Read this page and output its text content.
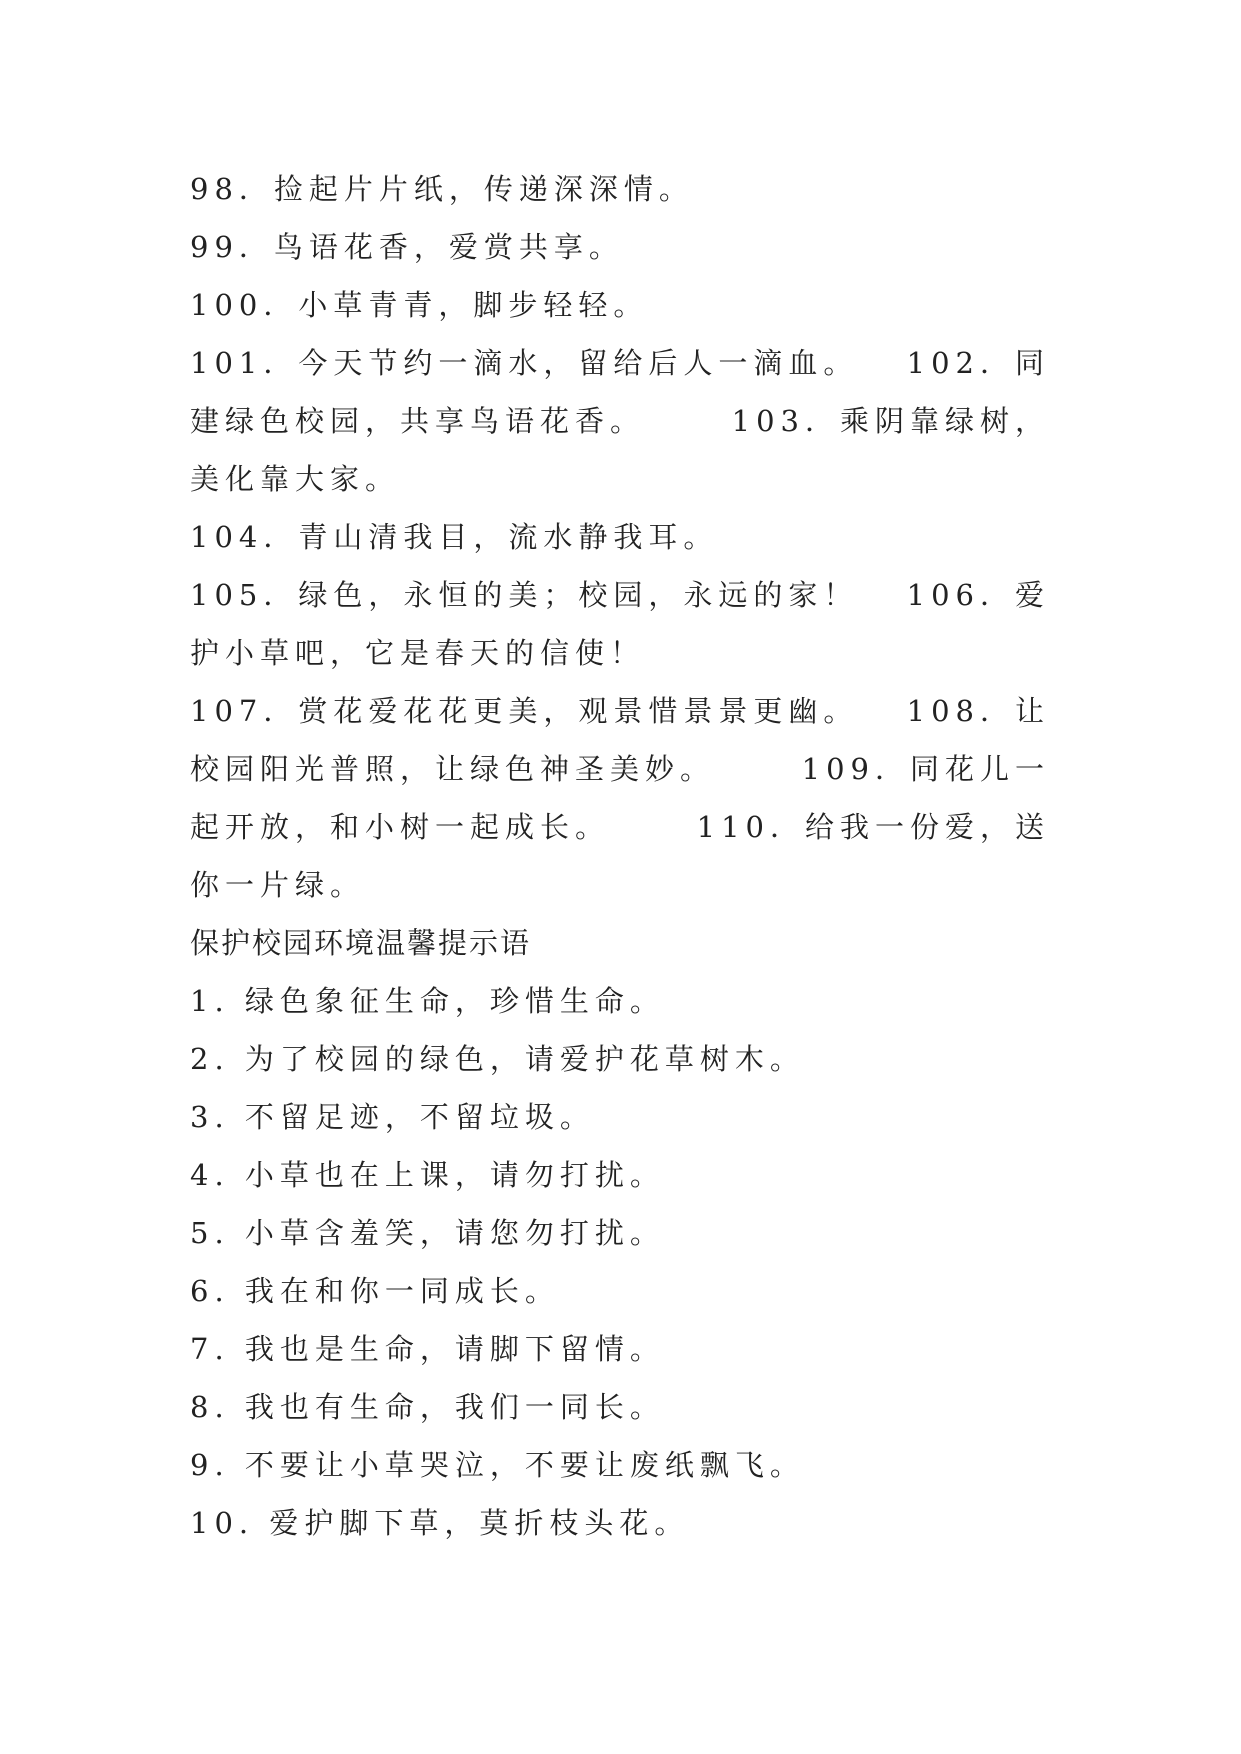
98．捡起片片纸，传递深深情。
99．鸟语花香，爱赏共享。
100．小草青青，脚步轻轻。
101．今天节约一滴水，留给后人一滴血。 102．同
建绿色校园，共享鸟语花香。	103．乘阴靠绿树，
美化靠大家。
104．青山清我目，流水静我耳。
105．绿色，永恒的美；校园，永远的家！ 106．爱
护小草吧，它是春天的信使！
107．赏花爱花花更美，观景惜景景更幽。 108．让
校园阳光普照，让绿色神圣美妙。	109．同花儿一
起开放，和小树一起成长。	110．给我一份爱，送
你一片绿。
保护校园环境温馨提示语
1. 绿色象征生命，珍惜生命。
2. 为了校园的绿色，请爱护花草树木。
3. 不留足迹，不留垃圾。
4. 小草也在上课，请勿打扰。
5. 小草含羞笑，请您勿打扰。
6. 我在和你一同成长。
7. 我也是生命，请脚下留情。
8. 我也有生命，我们一同长。
9. 不要让小草哭泣，不要让废纸飘飞。
10. 爱护脚下草，莫折枝头花。
